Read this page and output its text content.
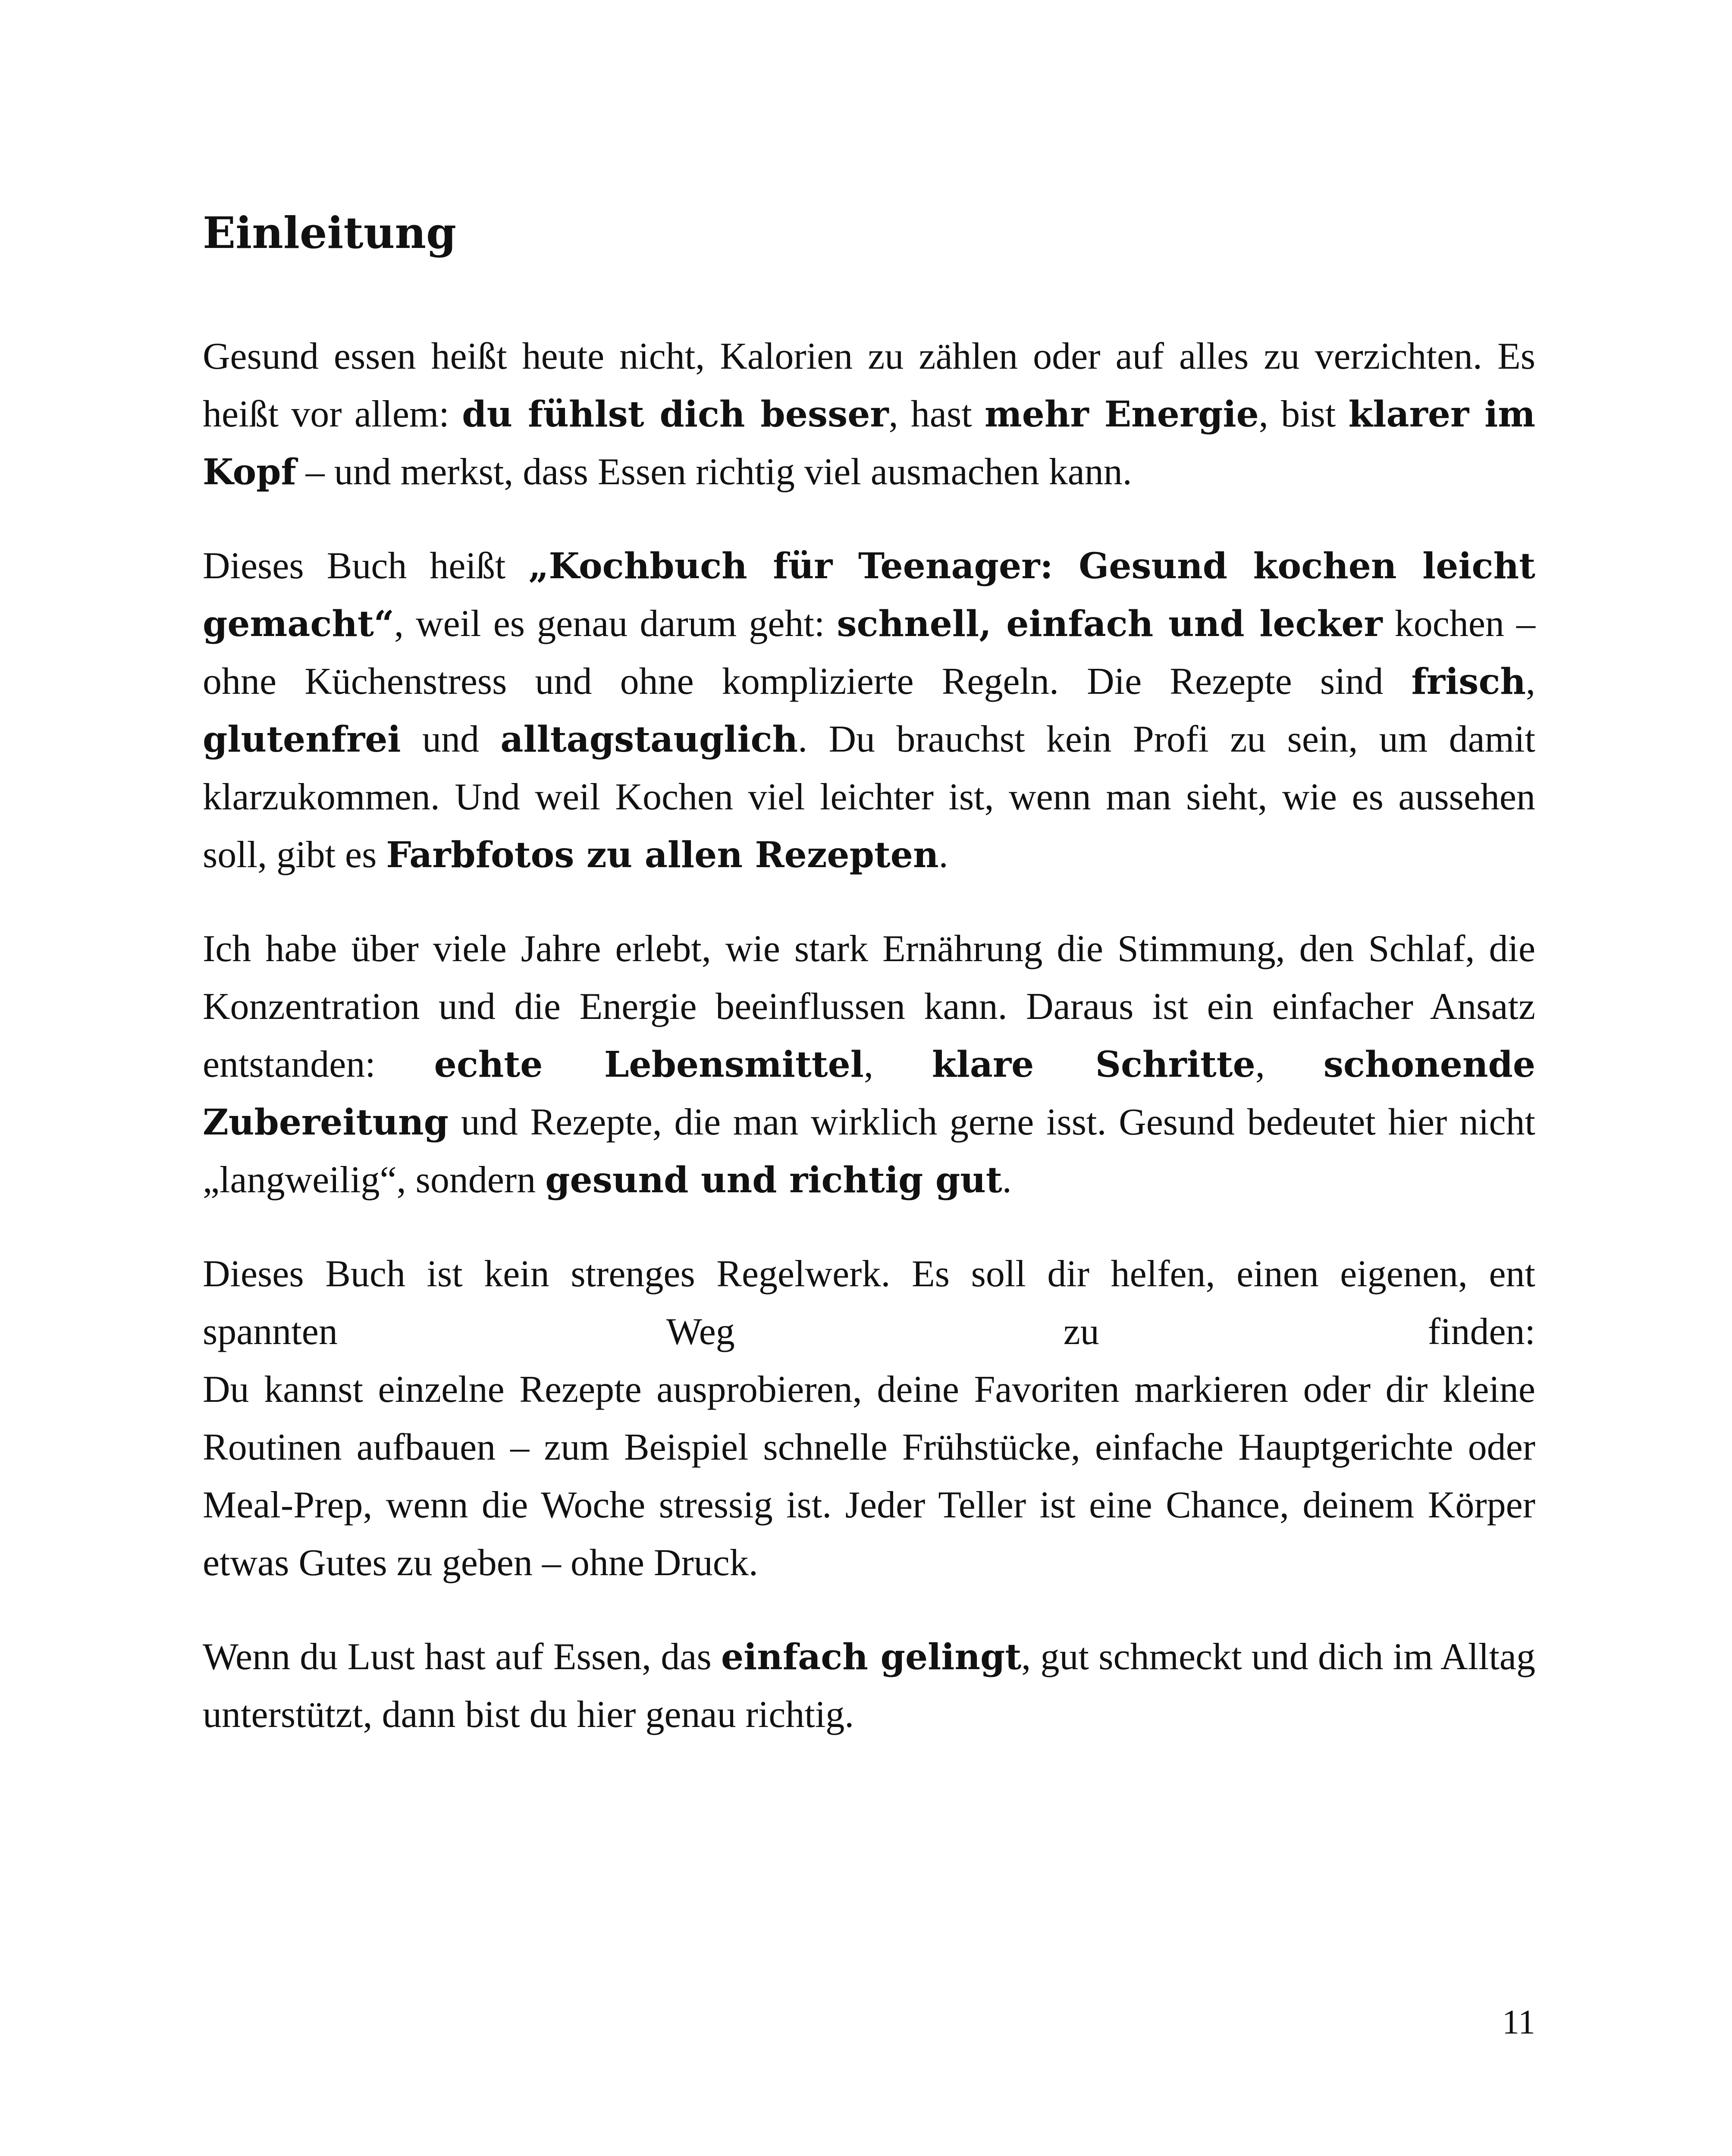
Einleitung

Gesund essen heißt heute nicht, Kalorien zu zählen oder auf alles zu verzichten. Es heißt vor allem: du fühlst dich besser, hast mehr Energie, bist klarer im Kopf – und merkst, dass Essen richtig viel ausmachen kann.

Dieses Buch heißt „Kochbuch für Teenager: Gesund kochen leicht gemacht“, weil es genau darum geht: schnell, einfach und lecker kochen – ohne Küchenstress und ohne komplizierte Regeln. Die Rezepte sind frisch, glutenfrei und alltagstauglich. Du brauchst kein Profi zu sein, um damit klarzukommen. Und weil Kochen viel leichter ist, wenn man sieht, wie es aussehen soll, gibt es Farbfotos zu allen Rezepten.

Ich habe über viele Jahre erlebt, wie stark Ernährung die Stimmung, den Schlaf, die Konzentration und die Energie beeinflussen kann. Daraus ist ein einfacher Ansatz entstanden: echte Lebensmittel, klare Schritte, schonende Zubereitung und Rezepte, die man wirklich gerne isst. Gesund bedeutet hier nicht „langweilig“, sondern gesund und richtig gut.

Dieses Buch ist kein strenges Regelwerk. Es soll dir helfen, einen eigenen, ent
spannten	Weg	zu	finden:
Du kannst einzelne Rezepte ausprobieren, deine Favoriten markieren oder dir kleine Routinen aufbauen – zum Beispiel schnelle Frühstücke, einfache Hauptgerichte oder Meal-Prep, wenn die Woche stressig ist. Jeder Teller ist eine Chance, deinem Körper etwas Gutes zu geben – ohne Druck.

Wenn du Lust hast auf Essen, das einfach gelingt, gut schmeckt und dich im Alltag unterstützt, dann bist du hier genau richtig.

11
